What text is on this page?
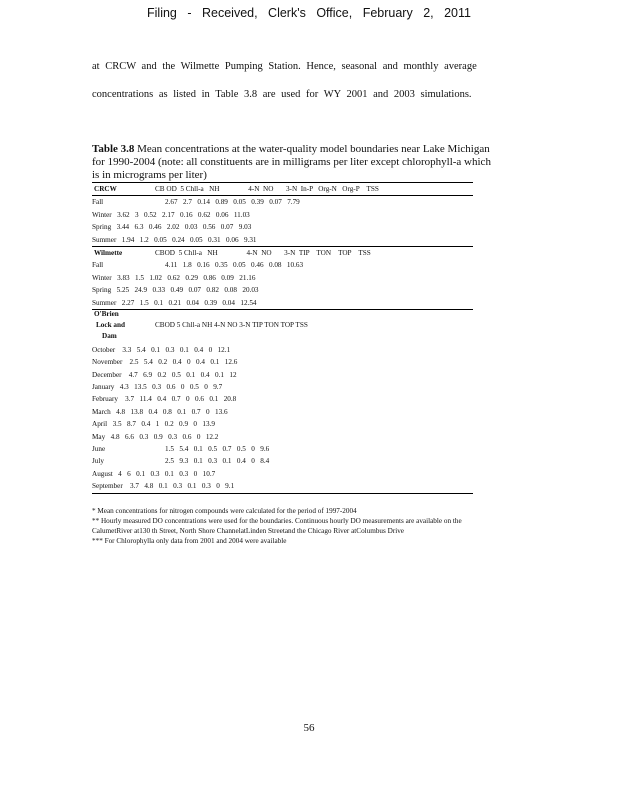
Filing - Received, Clerk's Office, February 2, 2011
at CRCW and the Wilmette Pumping Station. Hence, seasonal and monthly average
concentrations as listed in Table 3.8 are used for WY 2001 and 2003 simulations.
Table 3.8 Mean concentrations at the water-quality model boundaries near Lake Michigan for 1990-2004 (note: all constituents are in milligrams per liter except chlorophyll-a which is in micrograms per liter)

CRCW

	CB OD  5 Chll-a   NH                4-N  NO       3-N  In-P   Org-N   Org-P    TSS

Fall	2.67   2.7   0.14   0.89   0.05   0.39   0.07   7.79
Winter 3.62   3   0.52   2.17   0.16   0.62   0.06   11.03
Spring 3.44   6.3   0.46   2.02   0.03   0.56   0.07   9.03
Summer 1.94   1.2   0.05   0.24   0.05   0.31   0.06   9.31

Wilmette

	CBOD  5 Chll-a   NH                4-N  NO       3-N  TIP    TON    TOP    TSS

Fall	4.11   1.8   0.16   0.35   0.05   0.46   0.08   10.63
Winter 3.83   1.5   1.02   0.62   0.29   0.86   0.09   21.16
Spring 5.25   24.9   0.33   0.49   0.07   0.82   0.08   20.03
Summer 2.27   1.5   0.1   0.21   0.04   0.39   0.04   12.54
O'Brien
Lock and
Dam
CBOD 5 Chll-a NH 4-N NO 3-N TIP TON TOP TSS
October 3.3   5.4   0.1   0.3   0.1   0.4   0   12.1
November 2.5   5.4   0.2   0.4   0   0.4   0.1   12.6
December 4.7   6.9   0.2   0.5   0.1   0.4   0.1   12
January 4.3   13.5   0.3   0.6   0   0.5   0   9.7
February 3.7   11.4   0.4   0.7   0   0.6   0.1   20.8
March 4.8   13.8   0.4   0.8   0.1   0.7   0   13.6
April 3.5   8.7   0.4   1   0.2   0.9   0   13.9
May 4.8   6.6   0.3   0.9   0.3   0.6   0   12.2
June	1.5   5.4   0.1   0.5   0.7   0.5   0   9.6
July	2.5   9.3   0.1   0.3   0.1   0.4   0   8.4
August 4   6   0.1   0.3   0.1   0.3   0   10.7
September 3.7   4.8   0.1   0.3   0.1   0.3   0   9.1
* Mean concentrations for nitrogen compounds were calculated for the period of 1997-2004
** Hourly measured DO concentrations were used for the boundaries. Continuous hourly DO measurements are available on the CalumetRiver at130 th Street, North Shore ChannelatLinden Streetand the Chicago River atColumbus Drive
*** For Chlorophylla only data from 2001 and 2004 were available
56
